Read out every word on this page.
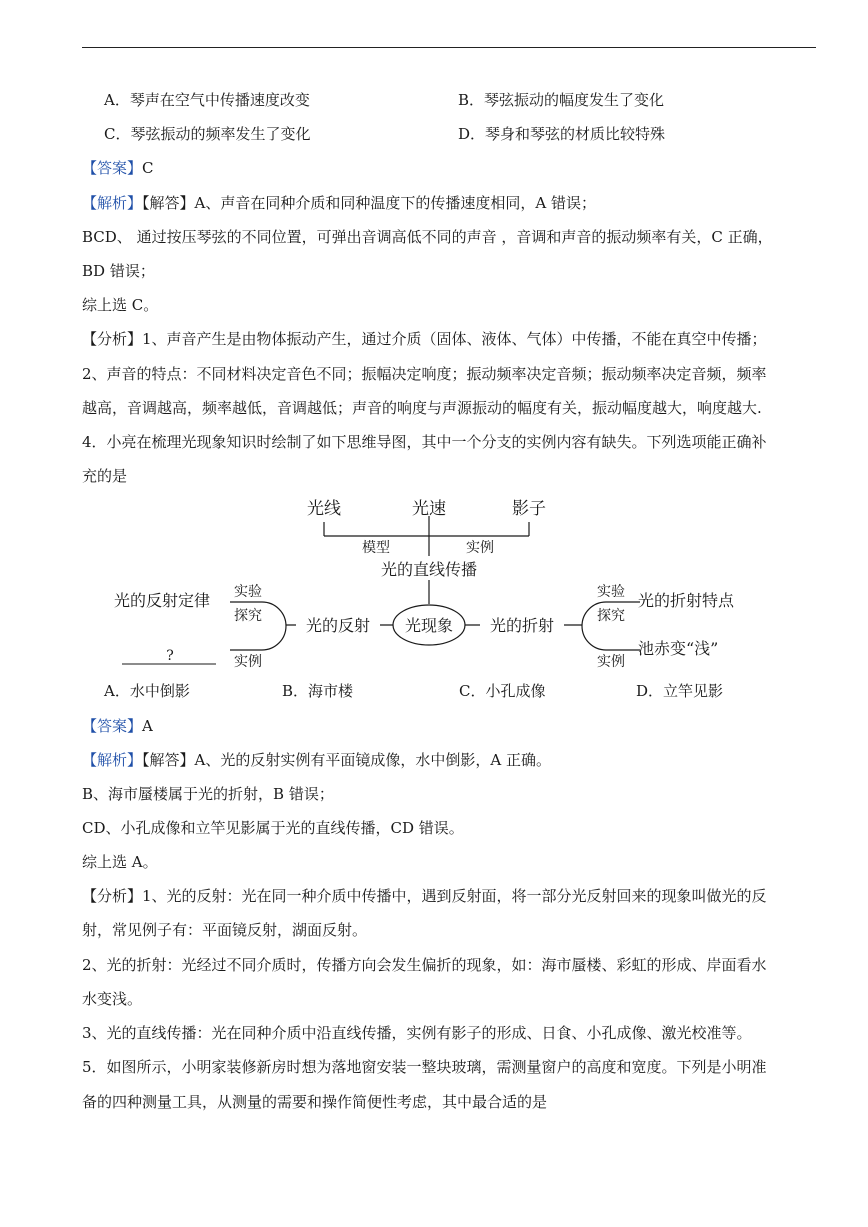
A．琴声在空气中传播速度改变	B．琴弦振动的幅度发生了变化
C．琴弦振动的频率发生了变化	D．琴身和琴弦的材质比较特殊
【答案】C
【解析】【解答】A、声音在同种介质和同种温度下的传播速度相同，A 错误；
BCD、 通过按压琴弦的不同位置，可弹出音调高低不同的声音 ，音调和声音的振动频率有关，C 正确，
BD 错误；
综上选 C。
【分析】1、声音产生是由物体振动产生，通过介质（固体、液体、气体）中传播，不能在真空中传播；
2、声音的特点：不同材料决定音色不同；振幅决定响度；振动频率决定音频；振动频率决定音频，频率
越高，音调越高，频率越低，音调越低；声音的响度与声源振动的幅度有关，振动幅度越大，响度越大.
4．小亮在梳理光现象知识时绘制了如下思维导图，其中一个分支的实例内容有缺失。下列选项能正确补
充的是
光线	光速	影子
模型	实例
光的直线传播
光现象
光的反射
实验
探究
实例
光的反射定律
?
光的折射
实验
探究
实例
光的折射特点
池赤变“浅”
A．水中倒影	B．海市楼	C．小孔成像	D．立竿见影
【答案】A
【解析】【解答】A、光的反射实例有平面镜成像，水中倒影，A 正确。
B、海市蜃楼属于光的折射，B 错误；
CD、小孔成像和立竿见影属于光的直线传播，CD 错误。
综上选 A。
【分析】1、光的反射：光在同一种介质中传播中，遇到反射面，将一部分光反射回来的现象叫做光的反
射，常见例子有：平面镜反射，湖面反射。
2、光的折射：光经过不同介质时，传播方向会发生偏折的现象，如：海市蜃楼、彩虹的形成、岸面看水
水变浅。
3、光的直线传播：光在同种介质中沿直线传播，实例有影子的形成、日食、小孔成像、激光校准等。
5．如图所示，小明家装修新房时想为落地窗安装一整块玻璃，需测量窗户的高度和宽度。下列是小明准
备的四种测量工具，从测量的需要和操作简便性考虑，其中最合适的是
